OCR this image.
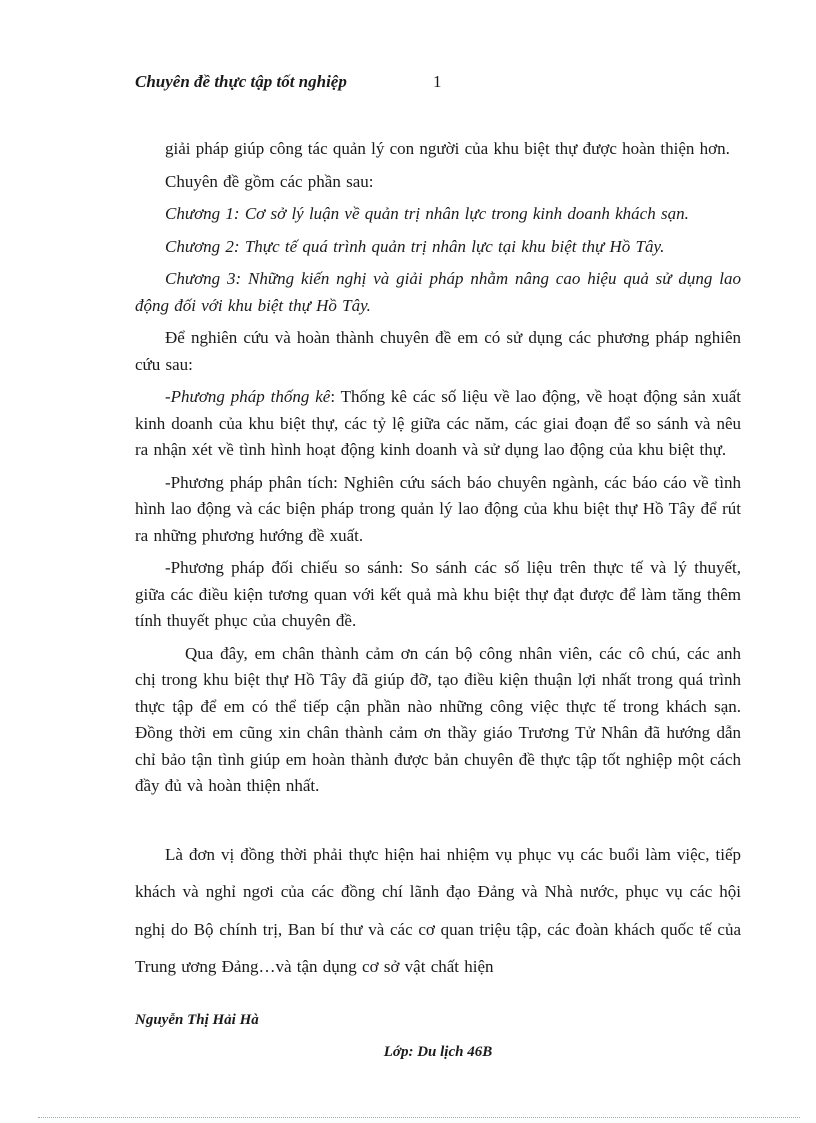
Chuyên đề thực tập tốt nghiệp	1

giải pháp giúp công tác quản lý con người của khu biệt thự được hoàn thiện hơn.

Chuyên đề gồm các phần sau:

Chương 1: Cơ sở lý luận về quản trị nhân lực trong kinh doanh khách sạn.

Chương 2: Thực tế quá trình quản trị nhân lực tại khu biệt thự Hồ Tây.

Chương 3: Những kiến nghị và giải pháp nhằm nâng cao hiệu quả sử dụng lao động đối với khu biệt thự Hồ Tây.

Để nghiên cứu và hoàn thành chuyên đề em có sử dụng các phương pháp nghiên cứu sau:

-Phương pháp thống kê: Thống kê các số liệu về lao động, về hoạt động sản xuất kinh doanh của khu biệt thự, các tỷ lệ giữa các năm, các giai đoạn để so sánh và nêu ra nhận xét về tình hình hoạt động kinh doanh và sử dụng lao động của khu biệt thự.

-Phương pháp phân tích: Nghiên cứu sách báo chuyên ngành, các báo cáo về tình hình lao động và các biện pháp trong quản lý lao động của khu biệt thự Hồ Tây để rút ra những phương hướng đề xuất.

-Phương pháp đối chiếu so sánh: So sánh các số liệu trên thực tế và lý thuyết, giữa các điều kiện tương quan với kết quả mà khu biệt thự đạt được để làm tăng thêm tính thuyết phục của chuyên đề.

Qua đây, em chân thành cảm ơn cán bộ công nhân viên, các cô chú, các anh chị trong khu biệt thự Hồ Tây đã giúp đỡ, tạo điều kiện thuận lợi nhất trong quá trình thực tập để em có thể tiếp cận phần nào những công việc thực tế trong khách sạn. Đồng thời em cũng xin chân thành cảm ơn thầy giáo Trương Tử Nhân đã hướng dẫn chỉ bảo tận tình giúp em hoàn thành được bản chuyên đề thực tập tốt nghiệp một cách đầy đủ và hoàn thiện nhất.

Là đơn vị đồng thời phải thực hiện hai nhiệm vụ phục vụ các buổi làm việc, tiếp khách và nghỉ ngơi của các đồng chí lãnh đạo Đảng và Nhà nước, phục vụ các hội nghị do Bộ chính trị, Ban bí thư và các cơ quan triệu tập, các đoàn khách quốc tế của Trung ương Đảng…và tận dụng cơ sở vật chất hiện

Nguyễn Thị Hải Hà
Lớp: Du lịch 46B
